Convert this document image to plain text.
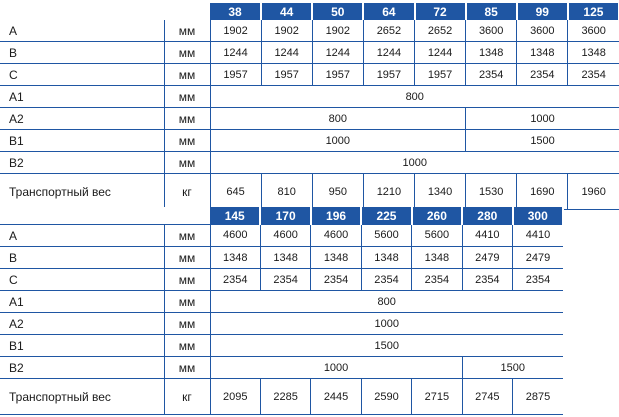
		38	44	50	64	72	85	99	125
A	мм	1902	1902	1902	2652	2652	3600	3600	3600
B	мм	1244	1244	1244	1244	1244	1348	1348	1348
C	мм	1957	1957	1957	1957	1957	2354	2354	2354
A1	мм	800							
A2	мм	800					1000		
B1	мм	1000					1500		
B2	мм	1000							
Транспортный вес	кг	645	810	950	1210	1340	1530	1690	1960
		145	170	196	225	260	280	300
A	мм	4600	4600	4600	5600	5600	4410	4410
B	мм	1348	1348	1348	1348	1348	2479	2479
C	мм	2354	2354	2354	2354	2354	2354	2354
A1	мм	800						
A2	мм	1000						
B1	мм	1500						
B2	мм	1000					1500	
Транспортный вес	кг	2095	2285	2445	2590	2715	2745	2875
